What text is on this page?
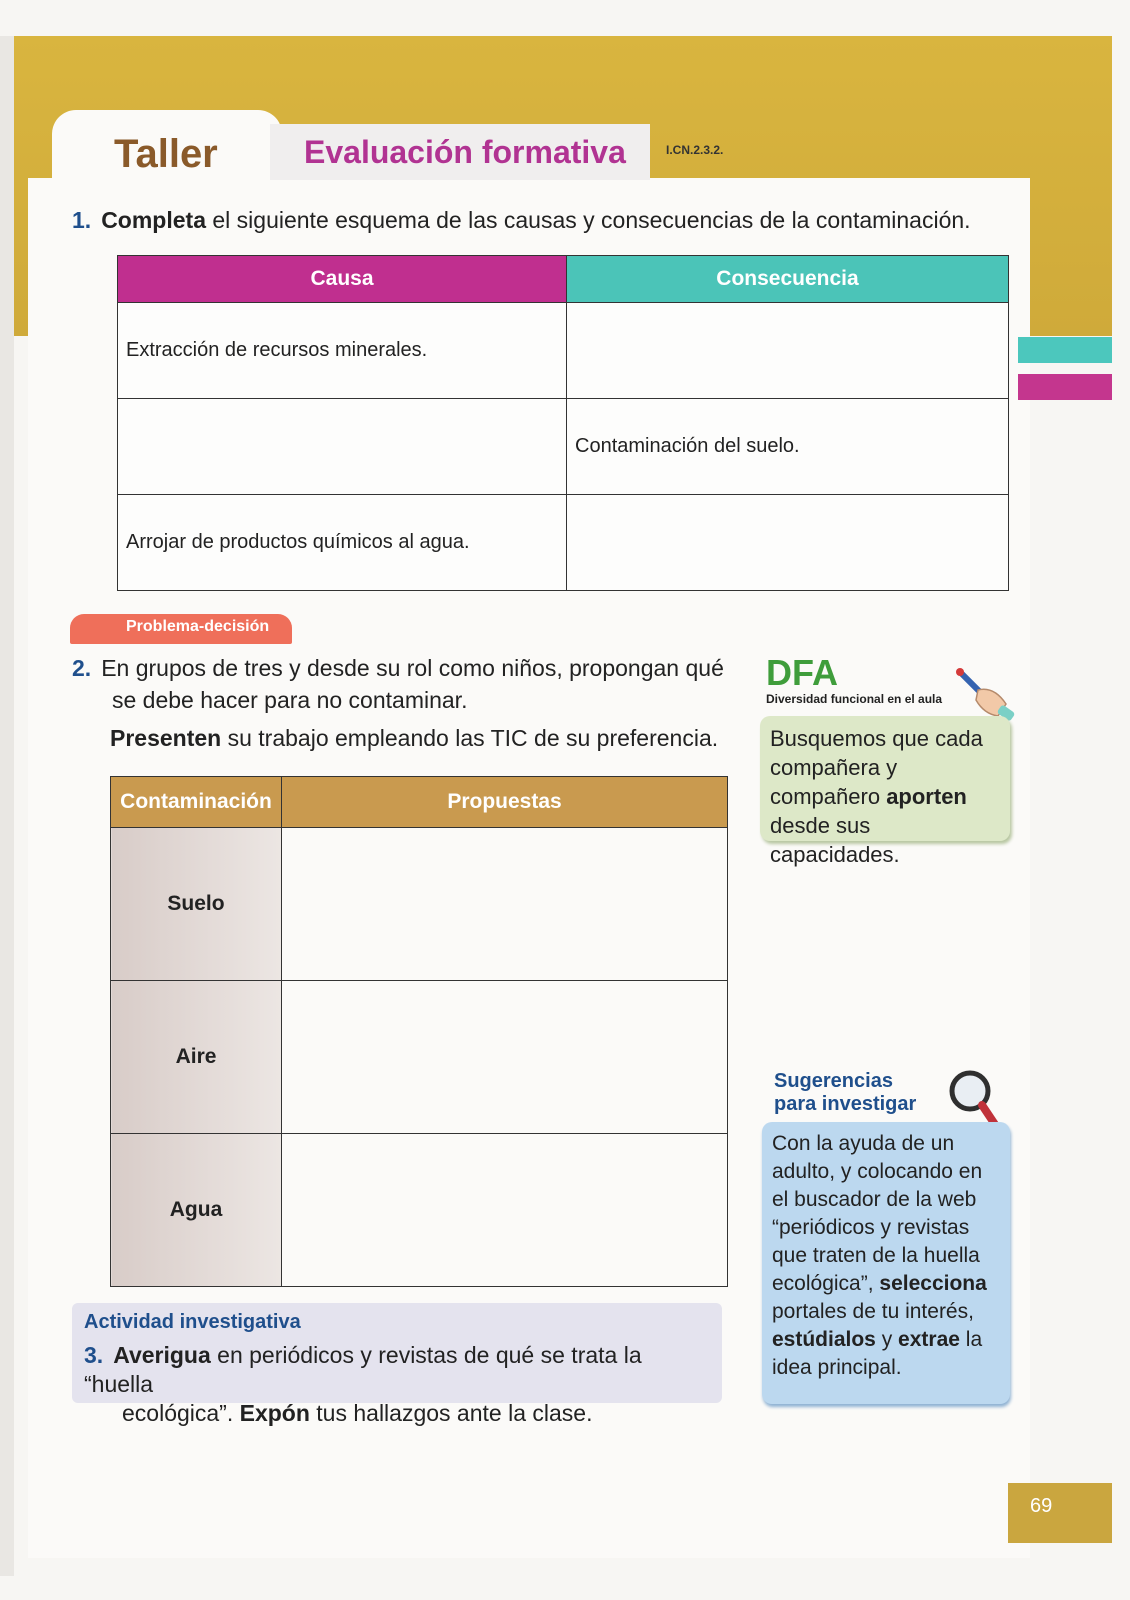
Taller	Evaluación formativa	I.CN.2.3.2.
1. Completa el siguiente esquema de las causas y consecuencias de la contaminación.
Causa	Consecuencia
Extracción de recursos minerales.	
	Contaminación del suelo.
Arrojar de productos químicos al agua.	
Problema-decisión
2. En grupos de tres y desde su rol como niños, propongan qué
se debe hacer para no contaminar.
Presenten su trabajo empleando las TIC de su preferencia.
Contaminación	Propuestas
Suelo	
Aire	
Agua	
DFA
Diversidad funcional en el aula

Busquemos que cada compañera y compañero aporten desde sus capacidades.

Sugerencias
para investigar

Con la ayuda de un adulto, y colocando en el buscador de la web “periódicos y revistas que traten de la huella ecológica”, selecciona portales de tu interés, estúdialos y extrae la idea principal.

Actividad investigativa
3. Averigua en periódicos y revistas de qué se trata la “huella
ecológica”. Expón tus hallazgos ante la clase.
69
